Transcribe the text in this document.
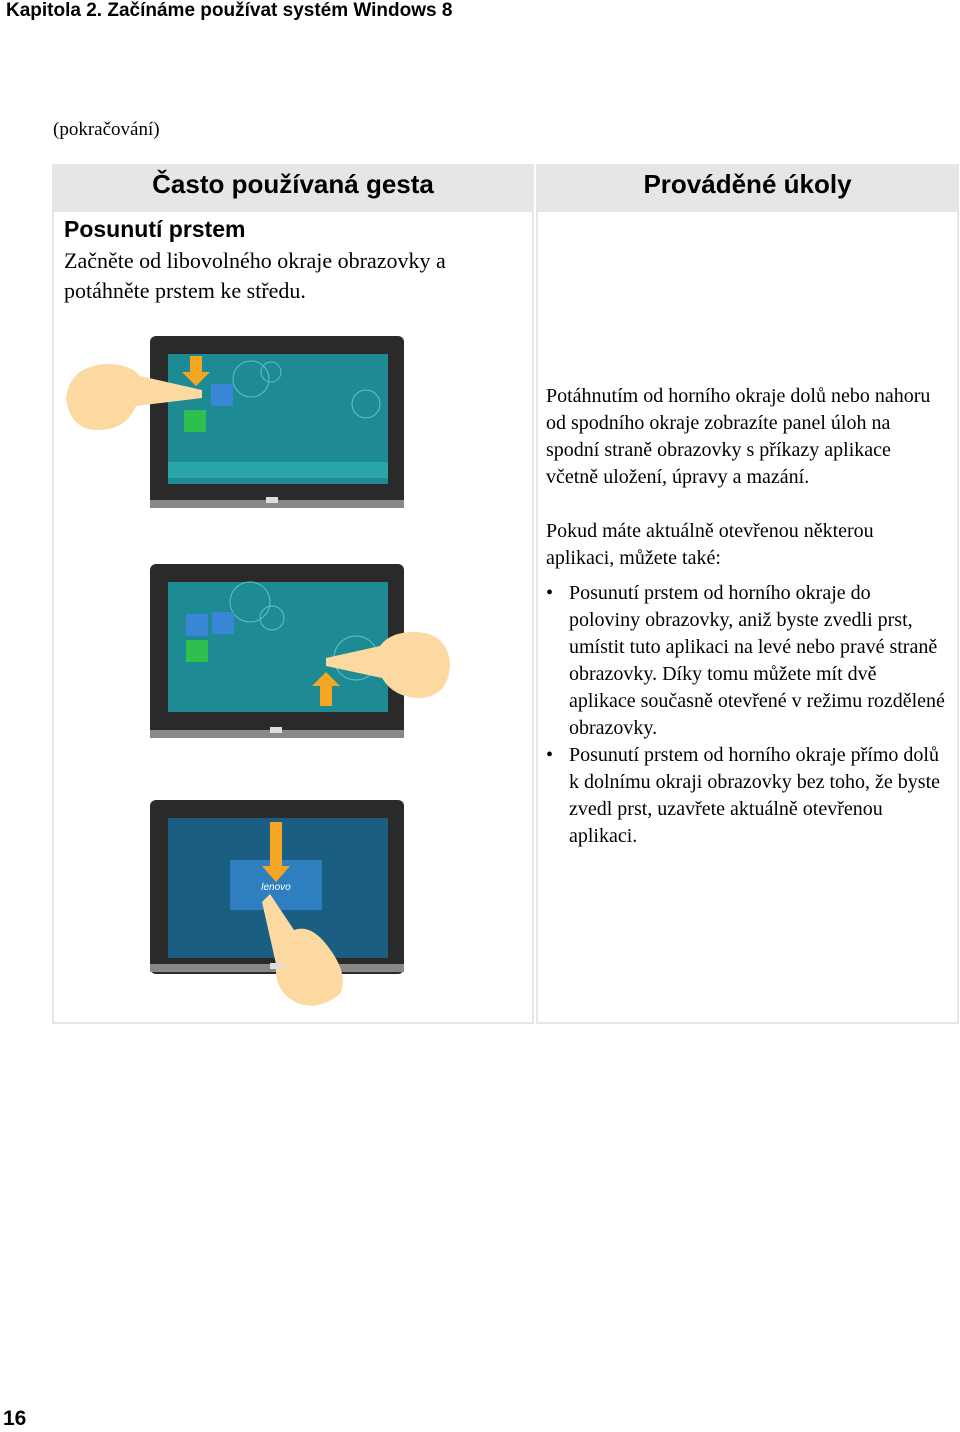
Kapitola 2. Začínáme používat systém Windows 8
(pokračování)
Často používaná gesta	Prováděné úkoly
Posunutí prstem
Začněte od libovolného okraje obrazovky a potáhněte prstem ke středu.
lenovo
Potáhnutím od horního okraje dolů nebo nahoru od spodního okraje zobrazíte panel úloh na spodní straně obrazovky s příkazy aplikace včetně uložení, úpravy a mazání.
Pokud máte aktuálně otevřenou některou aplikaci, můžete také:
• Posunutí prstem od horního okraje do poloviny obrazovky, aniž byste zvedli prst, umístit tuto aplikaci na levé nebo pravé straně obrazovky. Díky tomu můžete mít dvě aplikace současně otevřené v režimu rozdělené obrazovky.
• Posunutí prstem od horního okraje přímo dolů k dolnímu okraji obrazovky bez toho, že byste zvedl prst, uzavřete aktuálně otevřenou aplikaci.
16
